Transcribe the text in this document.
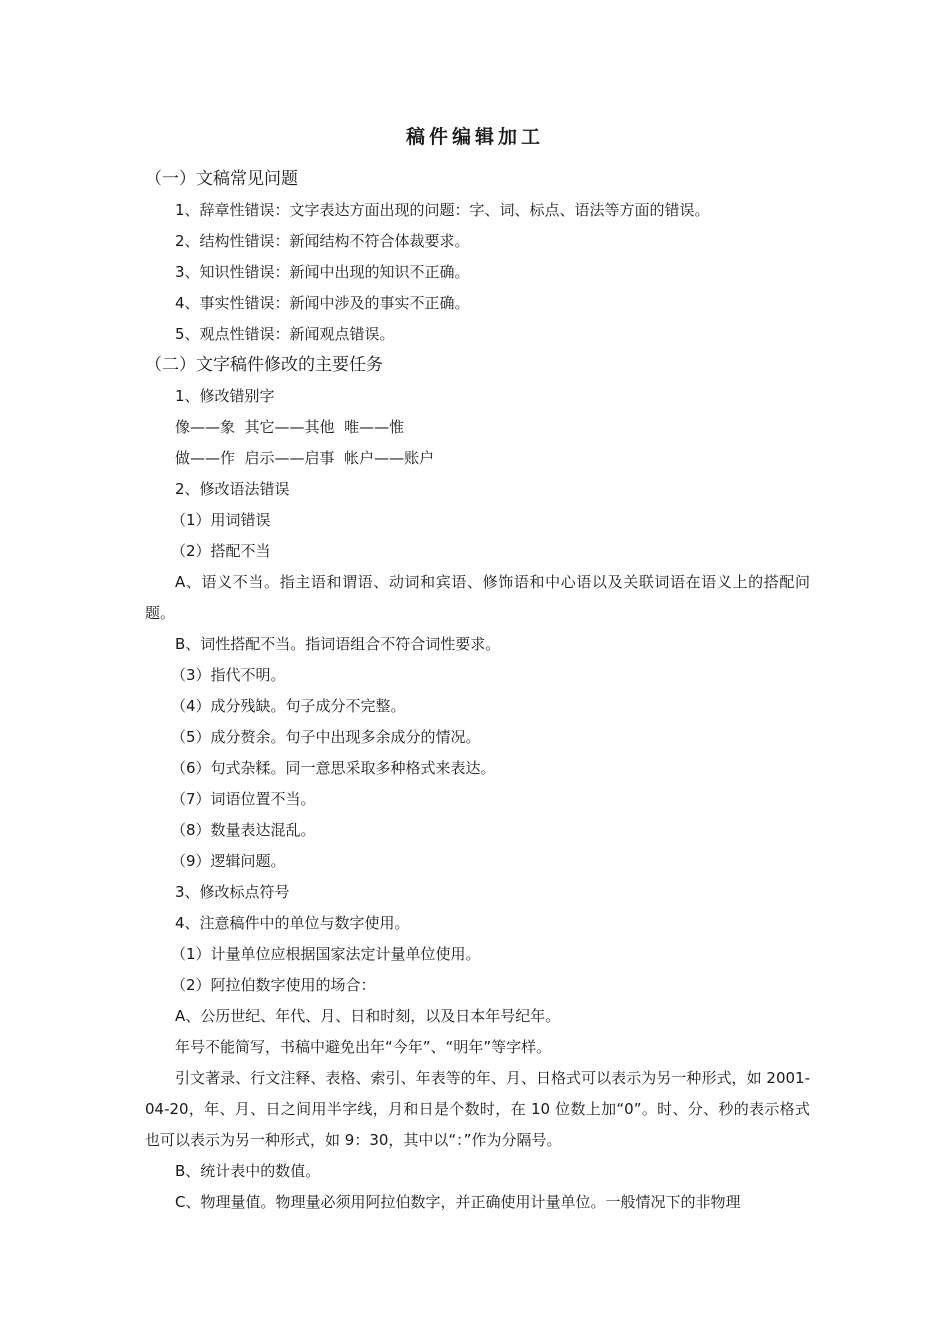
稿件编辑加工
（一）文稿常见问题
1、辞章性错误：文字表达方面出现的问题：字、词、标点、语法等方面的错误。
2、结构性错误：新闻结构不符合体裁要求。
3、知识性错误：新闻中出现的知识不正确。
4、事实性错误：新闻中涉及的事实不正确。
5、观点性错误：新闻观点错误。
（二）文字稿件修改的主要任务
1、修改错别字
像——象  其它——其他  唯——惟
做——作  启示——启事  帐户——账户
2、修改语法错误
（1）用词错误
（2）搭配不当
A、语义不当。指主语和谓语、动词和宾语、修饰语和中心语以及关联词语在语义上的搭配问题。
B、词性搭配不当。指词语组合不符合词性要求。
（3）指代不明。
（4）成分残缺。句子成分不完整。
（5）成分赘余。句子中出现多余成分的情况。
（6）句式杂糅。同一意思采取多种格式来表达。
（7）词语位置不当。
（8）数量表达混乱。
（9）逻辑问题。
3、修改标点符号
4、注意稿件中的单位与数字使用。
（1）计量单位应根据国家法定计量单位使用。
（2）阿拉伯数字使用的场合：
A、公历世纪、年代、月、日和时刻，以及日本年号纪年。
年号不能简写，书稿中避免出年“今年”、“明年”等字样。
引文著录、行文注释、表格、索引、年表等的年、月、日格式可以表示为另一种形式，如 2001-04-20，年、月、日之间用半字线，月和日是个数时，在 10 位数上加“0”。时、分、秒的表示格式也可以表示为另一种形式，如 9：30，其中以“：”作为分隔号。
B、统计表中的数值。
C、物理量值。物理量必须用阿拉伯数字，并正确使用计量单位。一般情况下的非物理
